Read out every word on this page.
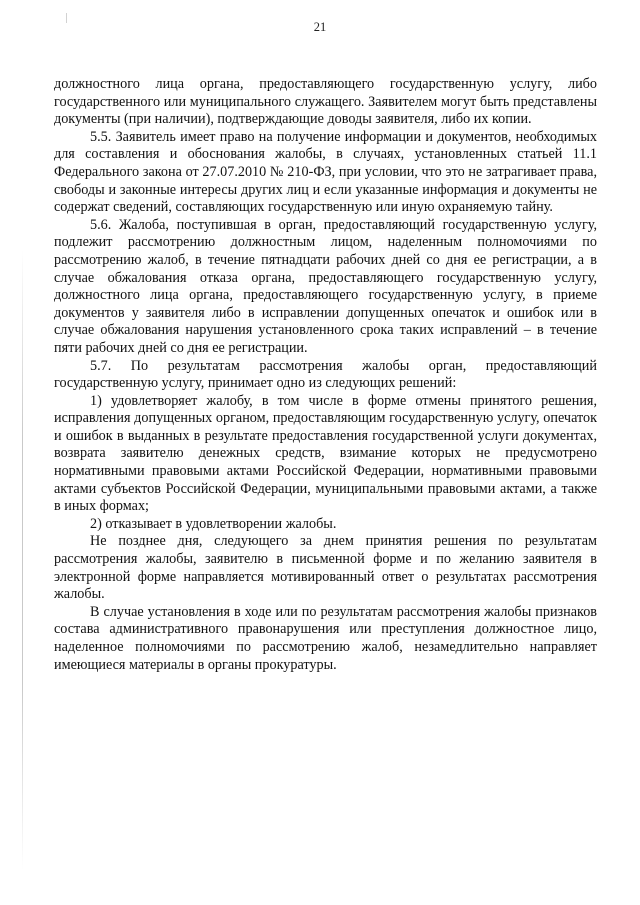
21

должностного лица органа, предоставляющего государственную услугу, либо государственного или муниципального служащего. Заявителем могут быть представлены документы (при наличии), подтверждающие доводы заявителя, либо их копии.

5.5. Заявитель имеет право на получение информации и документов, необходимых для составления и обоснования жалобы, в случаях, установленных статьей 11.1 Федерального закона от 27.07.2010 № 210-ФЗ, при условии, что это не затрагивает права, свободы и законные интересы других лиц и если указанные информация и документы не содержат сведений, составляющих государственную или иную охраняемую тайну.

5.6. Жалоба, поступившая в орган, предоставляющий государственную услугу, подлежит рассмотрению должностным лицом, наделенным полномочиями по рассмотрению жалоб, в течение пятнадцати рабочих дней со дня ее регистрации, а в случае обжалования отказа органа, предоставляющего государственную услугу, должностного лица органа, предоставляющего государственную услугу, в приеме документов у заявителя либо в исправлении допущенных опечаток и ошибок или в случае обжалования нарушения установленного срока таких исправлений – в течение пяти рабочих дней со дня ее регистрации.

5.7. По результатам рассмотрения жалобы орган, предоставляющий государственную услугу, принимает одно из следующих решений:

1) удовлетворяет жалобу, в том числе в форме отмены принятого решения, исправления допущенных органом, предоставляющим государственную услугу, опечаток и ошибок в выданных в результате предоставления государственной услуги документах, возврата заявителю денежных средств, взимание которых не предусмотрено нормативными правовыми актами Российской Федерации, нормативными правовыми актами субъектов Российской Федерации, муниципальными правовыми актами, а также в иных формах;

2) отказывает в удовлетворении жалобы.

Не позднее дня, следующего за днем принятия решения по результатам рассмотрения жалобы, заявителю в письменной форме и по желанию заявителя в электронной форме направляется мотивированный ответ о результатах рассмотрения жалобы.

В случае установления в ходе или по результатам рассмотрения жалобы признаков состава административного правонарушения или преступления должностное лицо, наделенное полномочиями по рассмотрению жалоб, незамедлительно направляет имеющиеся материалы в органы прокуратуры.
